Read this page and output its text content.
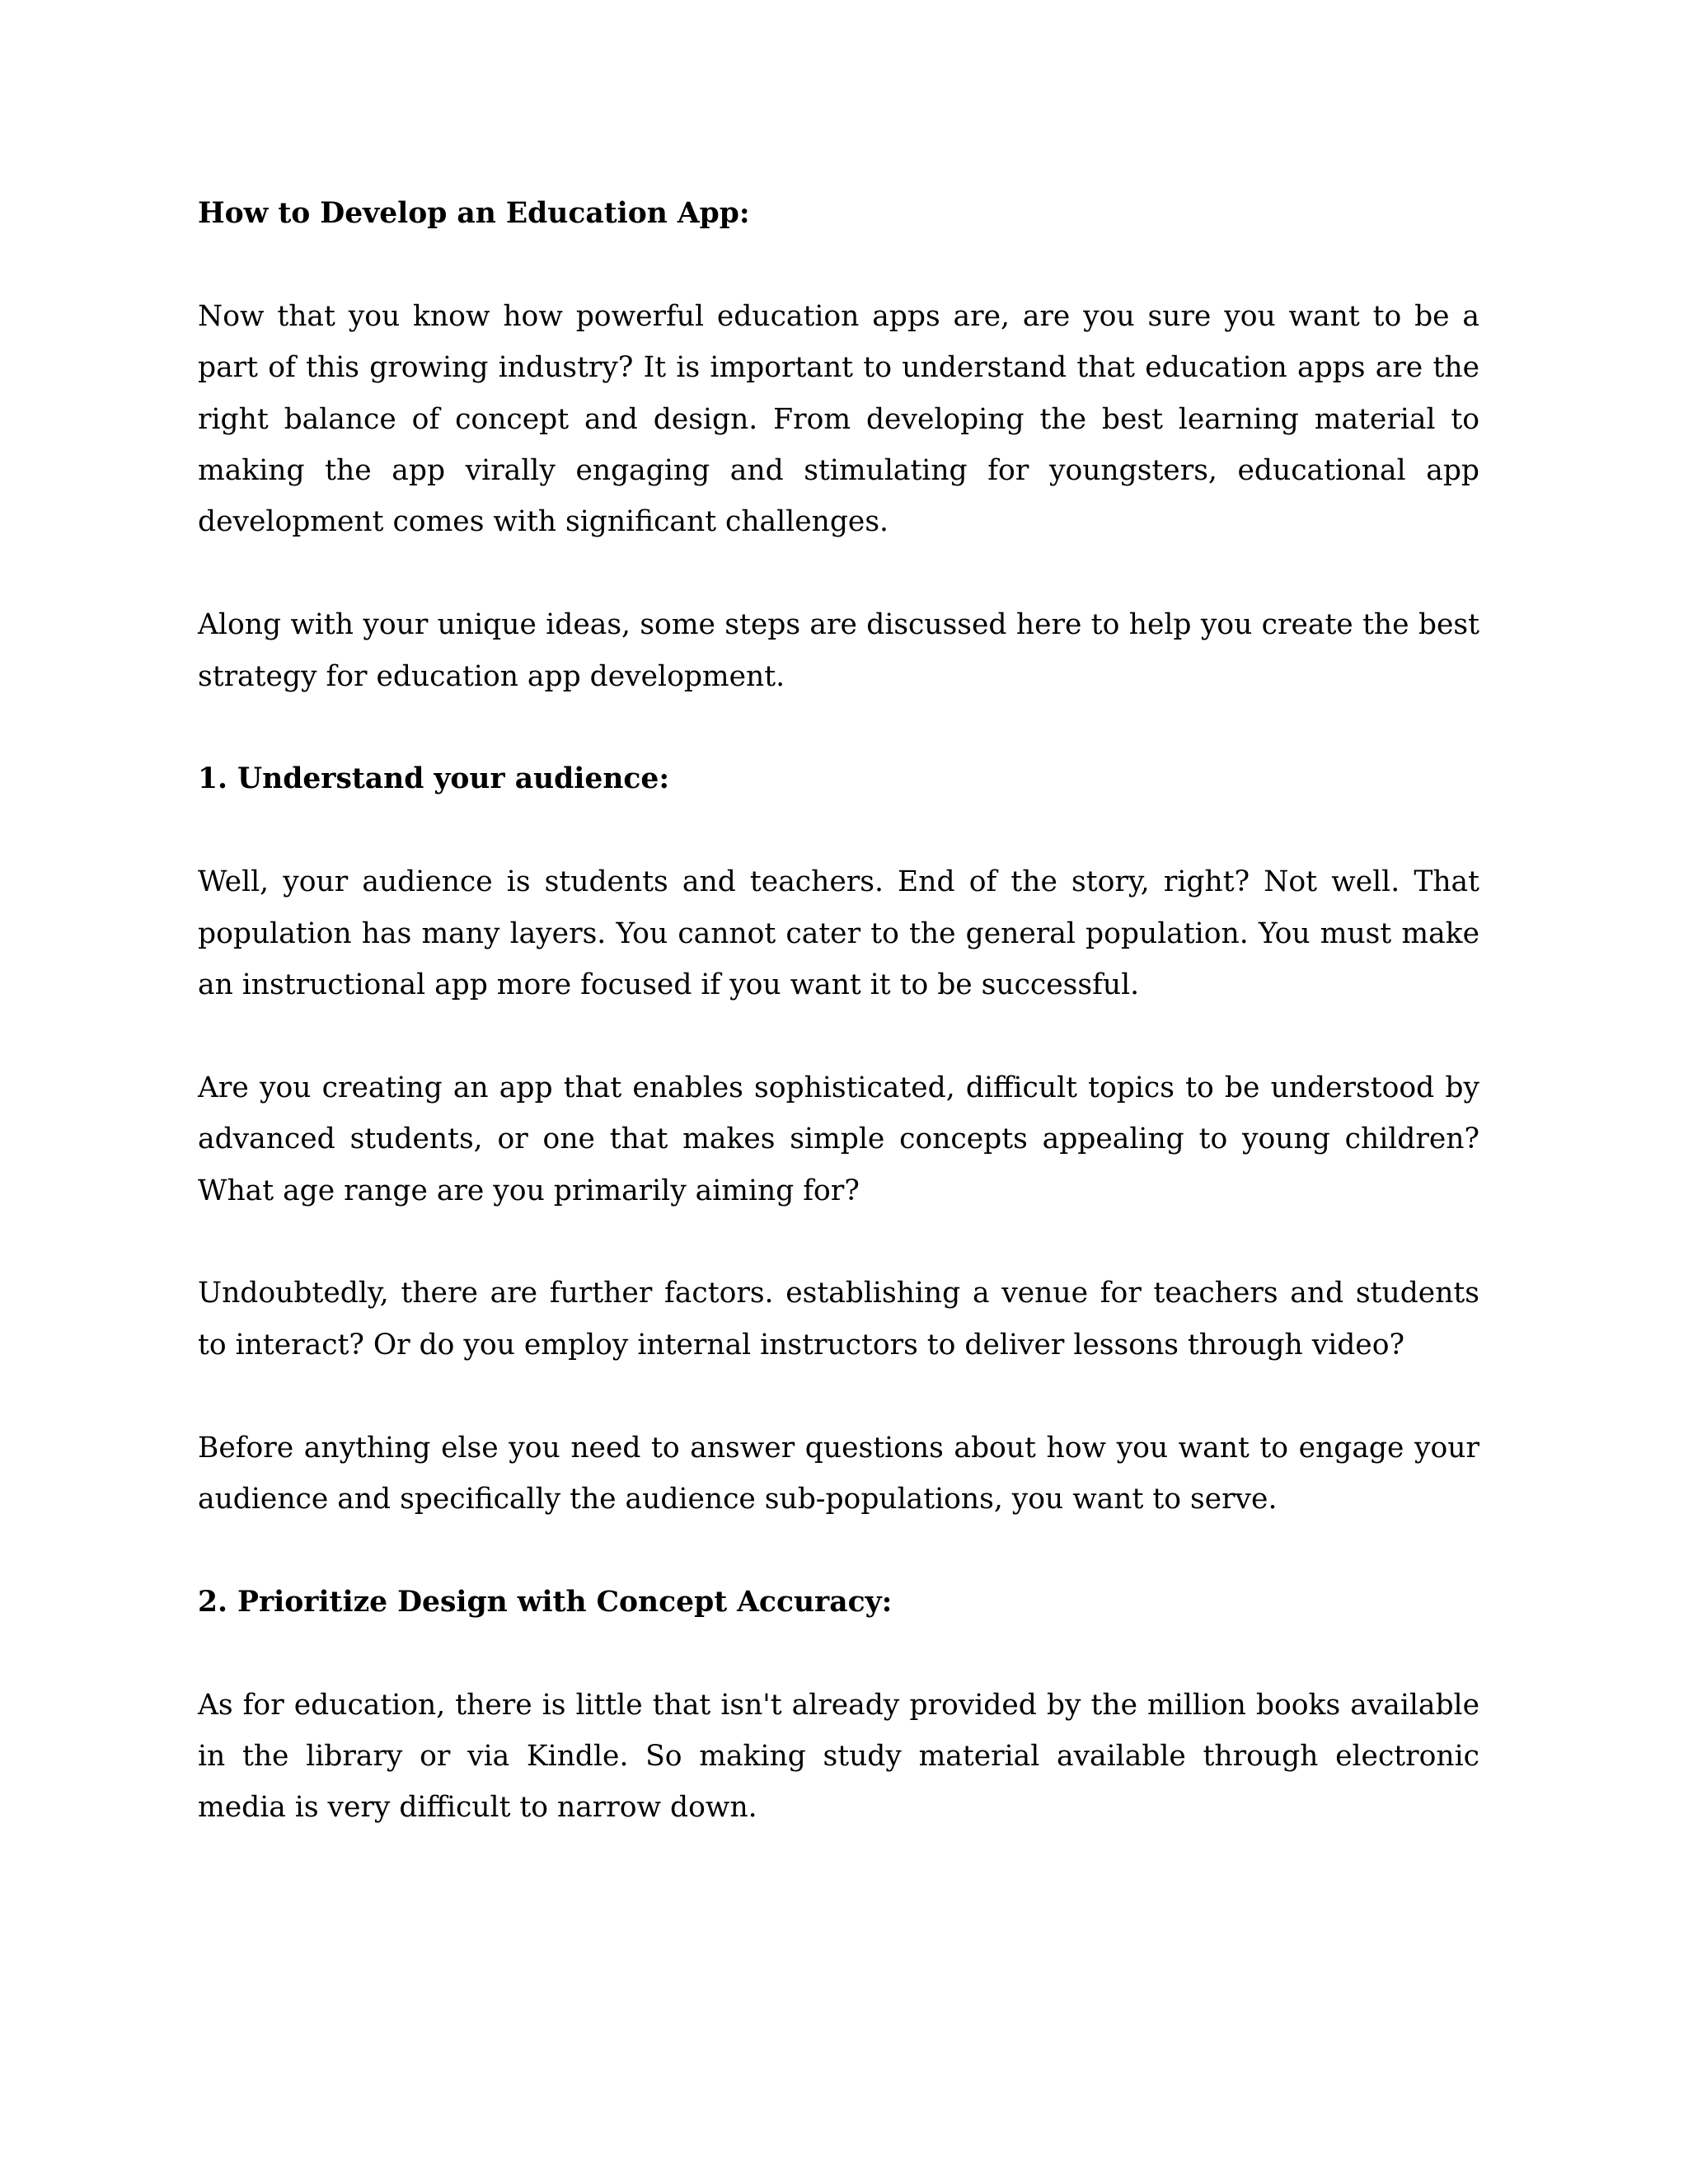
How to Develop an Education App:

Now that you know how powerful education apps are, are you sure you want to be a part of this growing industry? It is important to understand that education apps are the right balance of concept and design. From developing the best learning material to making the app virally engaging and stimulating for youngsters, educational app development comes with significant challenges.

Along with your unique ideas, some steps are discussed here to help you create the best strategy for education app development.

1. Understand your audience:

Well, your audience is students and teachers. End of the story, right? Not well. That population has many layers. You cannot cater to the general population. You must make an instructional app more focused if you want it to be successful.

Are you creating an app that enables sophisticated, difficult topics to be understood by advanced students, or one that makes simple concepts appealing to young children? What age range are you primarily aiming for?

Undoubtedly, there are further factors. establishing a venue for teachers and students to interact? Or do you employ internal instructors to deliver lessons through video?

Before anything else you need to answer questions about how you want to engage your audience and specifically the audience sub-populations, you want to serve.

2. Prioritize Design with Concept Accuracy:

As for education, there is little that isn't already provided by the million books available in the library or via Kindle. So making study material available through electronic media is very difficult to narrow down.
